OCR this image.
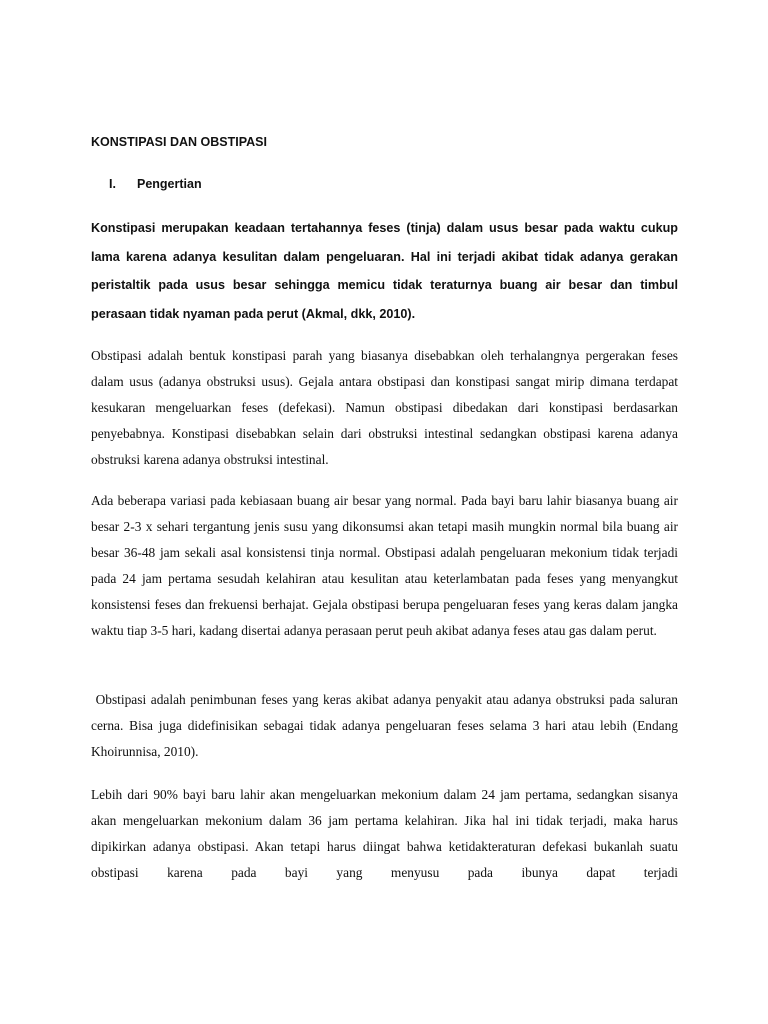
KONSTIPASI DAN OBSTIPASI
I. Pengertian

Konstipasi merupakan keadaan tertahannya feses (tinja) dalam usus besar pada waktu cukup lama karena adanya kesulitan dalam pengeluaran. Hal ini terjadi akibat tidak adanya gerakan peristaltik pada usus besar sehingga memicu tidak teraturnya buang air besar dan timbul perasaan tidak nyaman pada perut (Akmal, dkk, 2010).

Obstipasi adalah bentuk konstipasi parah yang biasanya disebabkan oleh terhalangnya pergerakan feses dalam usus (adanya obstruksi usus). Gejala antara obstipasi dan konstipasi sangat mirip dimana terdapat kesukaran mengeluarkan feses (defekasi). Namun obstipasi dibedakan dari konstipasi berdasarkan penyebabnya. Konstipasi disebabkan selain dari obstruksi intestinal sedangkan obstipasi karena adanya obstruksi karena adanya obstruksi intestinal.

Ada beberapa variasi pada kebiasaan buang air besar yang normal. Pada bayi baru lahir biasanya buang air besar 2-3 x sehari tergantung jenis susu yang dikonsumsi akan tetapi masih mungkin normal bila buang air besar 36-48 jam sekali asal konsistensi tinja normal. Obstipasi adalah pengeluaran mekonium tidak terjadi pada 24 jam pertama sesudah kelahiran atau kesulitan atau keterlambatan pada feses yang menyangkut konsistensi feses dan frekuensi berhajat. Gejala obstipasi berupa pengeluaran feses yang keras dalam jangka waktu tiap 3-5 hari, kadang disertai adanya perasaan perut peuh akibat adanya feses atau gas dalam perut.

Obstipasi adalah penimbunan feses yang keras akibat adanya penyakit atau adanya obstruksi pada saluran cerna. Bisa juga didefinisikan sebagai tidak adanya pengeluaran feses selama 3 hari atau lebih (Endang Khoirunnisa, 2010).

Lebih dari 90% bayi baru lahir akan mengeluarkan mekonium dalam 24 jam pertama, sedangkan sisanya akan mengeluarkan mekonium dalam 36 jam pertama kelahiran. Jika hal ini tidak terjadi, maka harus dipikirkan adanya obstipasi. Akan tetapi harus diingat bahwa ketidakteraturan defekasi bukanlah suatu obstipasi karena pada bayi yang menyusu pada ibunya dapat terjadi
